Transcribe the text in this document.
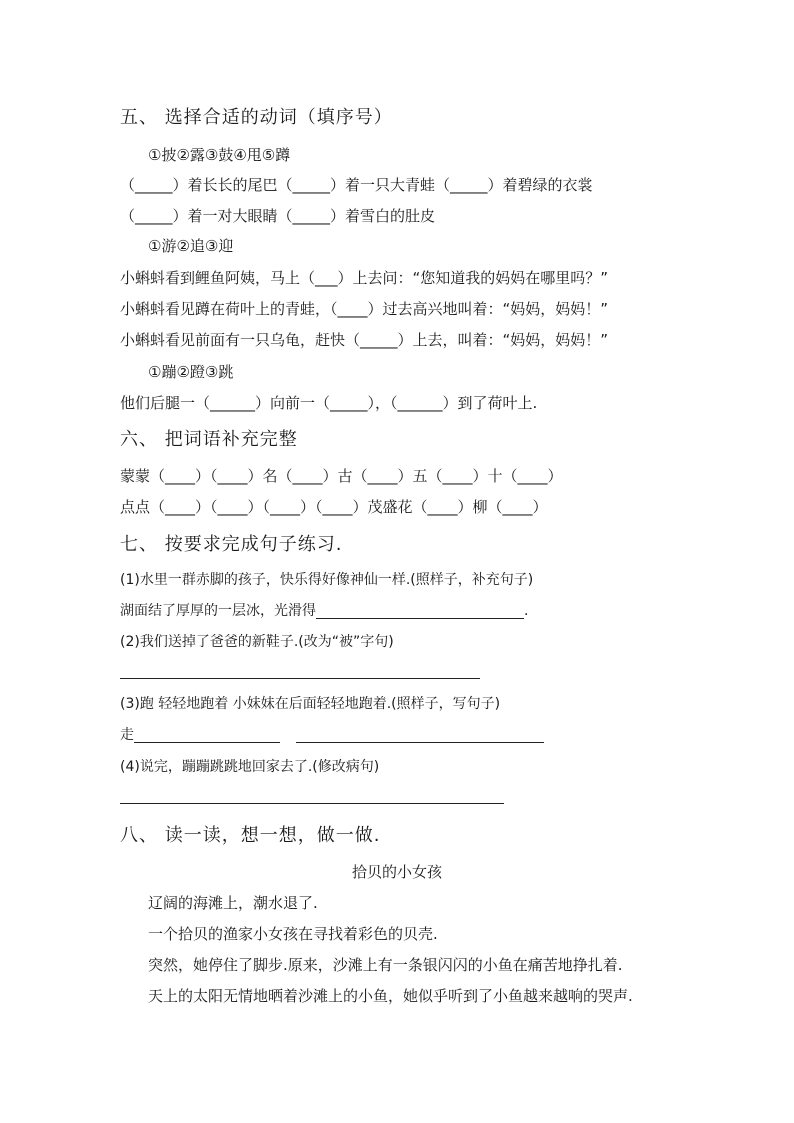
五、 选择合适的动词（填序号）
①披②露③鼓④甩⑤蹲
（_____）着长长的尾巴（_____）着一只大青蛙（_____）着碧绿的衣裳
（_____）着一对大眼睛（_____）着雪白的肚皮
①游②追③迎
小蝌蚪看到鲤鱼阿姨，马上（___）上去问：“您知道我的妈妈在哪里吗？”
小蝌蚪看见蹲在荷叶上的青蛙，（____）过去高兴地叫着：“妈妈，妈妈！”
小蝌蚪看见前面有一只乌龟，赶快（_____）上去，叫着：“妈妈，妈妈！”
①蹦②蹬③跳
他们后腿一（______）向前一（_____），（______）到了荷叶上.
六、 把词语补充完整
蒙蒙（____）（____）名（____）古（____）五（____）十（____）
点点（____）（____）（____）（____）茂盛花（____）柳（____）
七、 按要求完成句子练习.
(1)水里一群赤脚的孩子，快乐得好像神仙一样.(照样子，补充句子)
湖面结了厚厚的一层冰，光滑得	.
(2)我们送掉了爸爸的新鞋子.(改为“被”字句)
(3)跑 轻轻地跑着 小妹妹在后面轻轻地跑着.(照样子，写句子)
走
(4)说完，蹦蹦跳跳地回家去了.(修改病句)
八、 读一读，想一想，做一做.
拾贝的小女孩
辽阔的海滩上，潮水退了.
一个拾贝的渔家小女孩在寻找着彩色的贝壳.
突然，她停住了脚步.原来，沙滩上有一条银闪闪的小鱼在痛苦地挣扎着.
天上的太阳无情地晒着沙滩上的小鱼，她似乎听到了小鱼越来越响的哭声.
